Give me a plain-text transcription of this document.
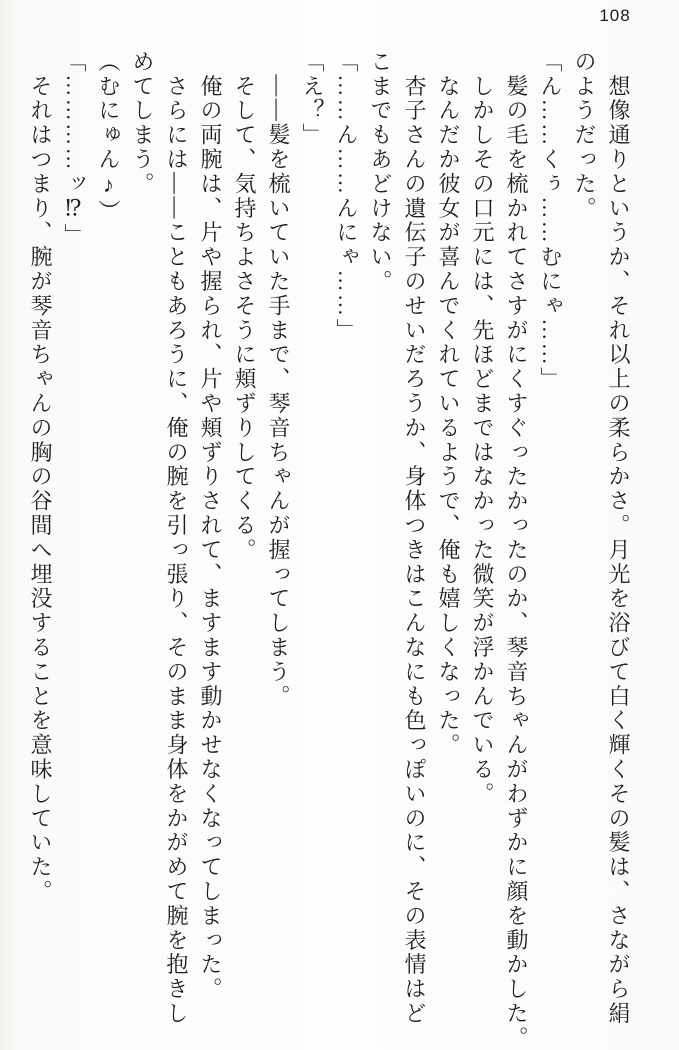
108
　想像通りというか、それ以上の柔らかさ。月光を浴びて白く輝くその髪は、さながら絹
のようだった。
「ん……くぅ……むにゃ……」
　髪の毛を梳かれてさすがにくすぐったかったのか、琴音ちゃんがわずかに顔を動かした。
　しかしその口元には、先ほどまではなかった微笑が浮かんでいる。
　なんだか彼女が喜んでくれているようで、俺も嬉しくなった。
　杏子さんの遺伝子のせいだろうか、身体つきはこんなにも色っぽいのに、その表情はど
こまでもあどけない。
「……ん……んにゃ……」
「え？」
　――髪を梳いていた手まで、琴音ちゃんが握ってしまう。
　そして、気持ちよさそうに頬ずりしてくる。
　俺の両腕は、片や握られ、片や頬ずりされて、ますます動かせなくなってしまった。
　さらには――こともあろうに、俺の腕を引っ張り、そのまま身体をかがめて腕を抱きし
めてしまう。
（むにゅん♪）
「…………ッ⁉」
　それはつまり、腕が琴音ちゃんの胸の谷間へ埋没することを意味していた。
